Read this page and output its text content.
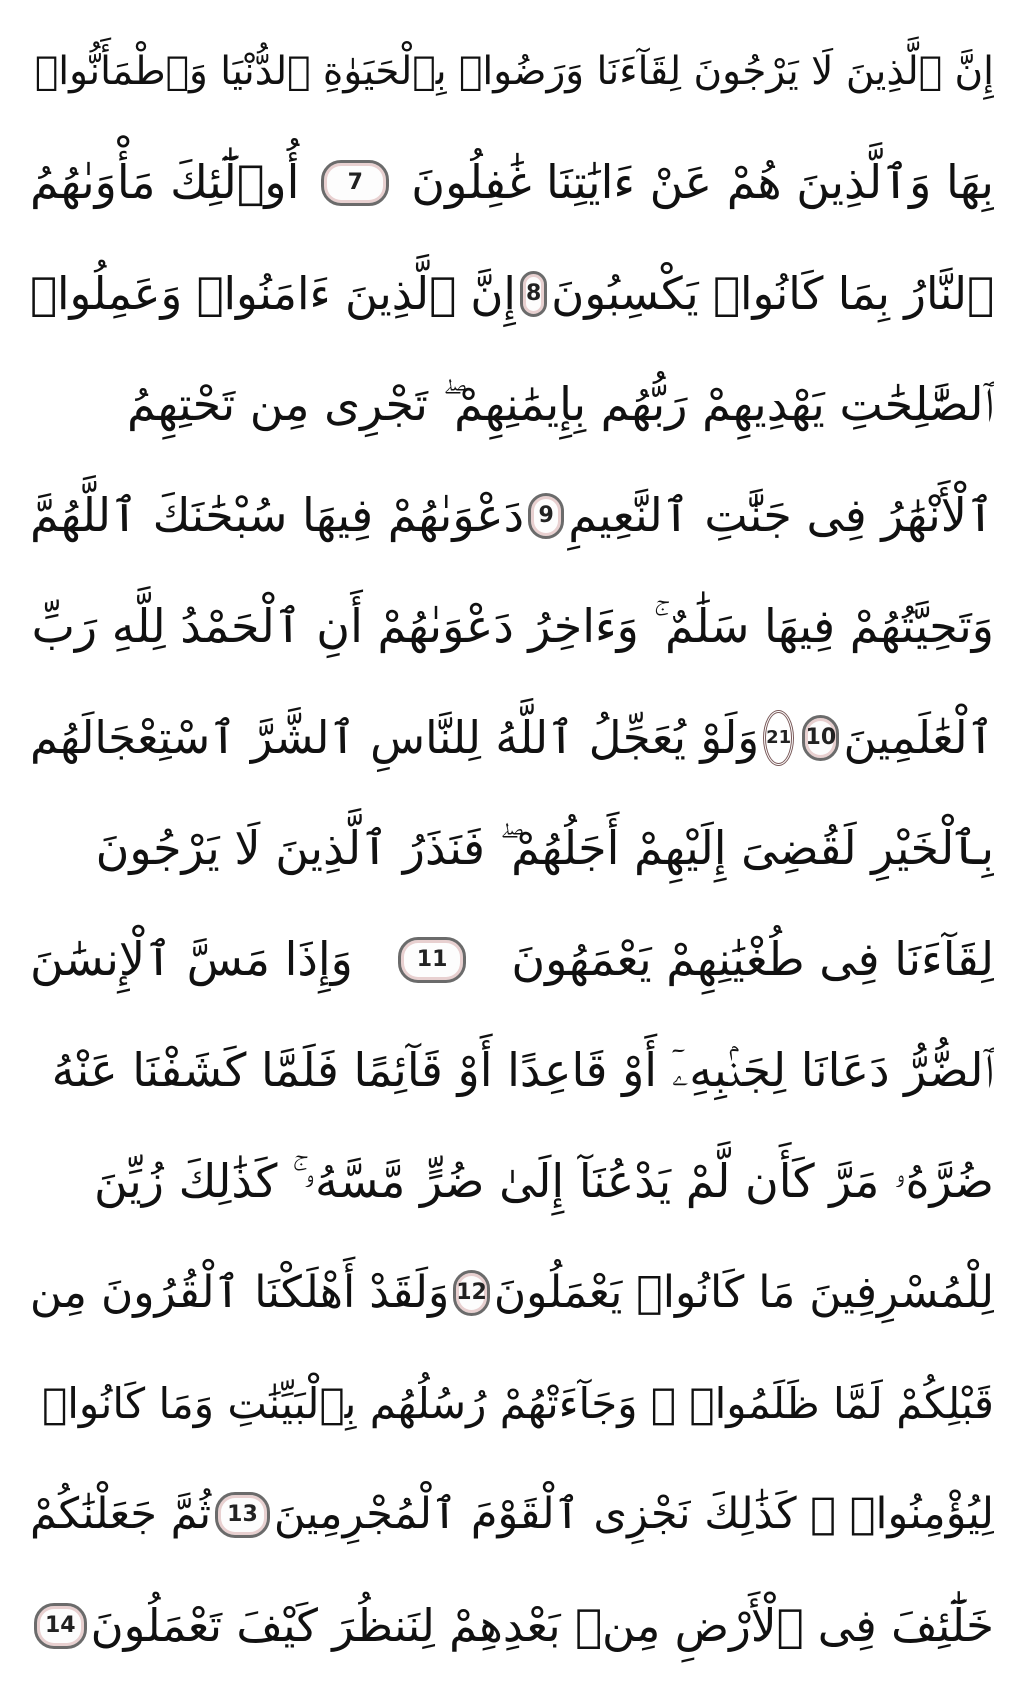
إِنَّ ٱلَّذِينَ لَا يَرْجُونَ لِقَآءَنَا وَرَضُوا۟ بِٱلْحَيَوٰةِ ٱلدُّنْيَا وَٱطْمَأَنُّوا۟
بِهَا وَٱلَّذِينَ هُمْ عَنْ ءَايَٰتِنَا غَٰفِلُونَ
7
أُو۟لَٰٓئِكَ مَأْوَىٰهُمُ
ٱلنَّارُ بِمَا كَانُوا۟ يَكْسِبُونَ
8
إِنَّ ٱلَّذِينَ ءَامَنُوا۟ وَعَمِلُوا۟
ٱلصَّٰلِحَٰتِ يَهْدِيهِمْ رَبُّهُم بِإِيمَٰنِهِمْ ۖ تَجْرِى مِن تَحْتِهِمُ
ٱلْأَنْهَٰرُ فِى جَنَّٰتِ ٱلنَّعِيمِ
9
دَعْوَىٰهُمْ فِيهَا سُبْحَٰنَكَ ٱللَّهُمَّ
وَتَحِيَّتُهُمْ فِيهَا سَلَٰمٌ ۚ وَءَاخِرُ دَعْوَىٰهُمْ أَنِ ٱلْحَمْدُ لِلَّهِ رَبِّ
ٱلْعَٰلَمِينَ
10
21
وَلَوْ يُعَجِّلُ ٱللَّهُ لِلنَّاسِ ٱلشَّرَّ ٱسْتِعْجَالَهُم
بِٱلْخَيْرِ لَقُضِىَ إِلَيْهِمْ أَجَلُهُمْ ۖ فَنَذَرُ ٱلَّذِينَ لَا يَرْجُونَ
لِقَآءَنَا فِى طُغْيَٰنِهِمْ يَعْمَهُونَ
11
وَإِذَا مَسَّ ٱلْإِنسَٰنَ
ٱلضُّرُّ دَعَانَا لِجَنۢبِهِۦٓ أَوْ قَاعِدًا أَوْ قَآئِمًا فَلَمَّا كَشَفْنَا عَنْهُ
ضُرَّهُۥ مَرَّ كَأَن لَّمْ يَدْعُنَآ إِلَىٰ ضُرٍّ مَّسَّهُۥ ۚ كَذَٰلِكَ زُيِّنَ
لِلْمُسْرِفِينَ مَا كَانُوا۟ يَعْمَلُونَ
12
وَلَقَدْ أَهْلَكْنَا ٱلْقُرُونَ مِن
قَبْلِكُمْ لَمَّا ظَلَمُوا۟ ۙ وَجَآءَتْهُمْ رُسُلُهُم بِٱلْبَيِّنَٰتِ وَمَا كَانُوا۟
لِيُؤْمِنُوا۟ ۚ كَذَٰلِكَ نَجْزِى ٱلْقَوْمَ ٱلْمُجْرِمِينَ
13
ثُمَّ جَعَلْنَٰكُمْ
خَلَٰٓئِفَ فِى ٱلْأَرْضِ مِنۢ بَعْدِهِمْ لِنَنظُرَ كَيْفَ تَعْمَلُونَ
14
